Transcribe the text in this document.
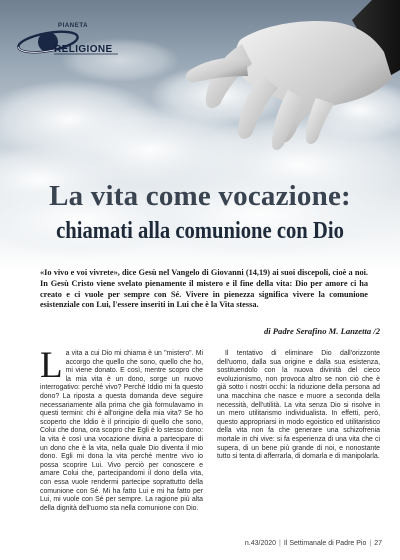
PIANETA
RELIGIONE
La vita come vocazione:
chiamati alla comunione con Dio

«Io vivo e voi vivrete», dice Gesù nel Vangelo di Giovanni (14,19) ai suoi discepoli, cioè a noi. In Gesù Cristo viene svelato pienamente il mistero e il fine della vita: Dio per amore ci ha creato e ci vuole per sempre con Sé. Vivere in pienezza significa vivere la comunione esistenziale con Lui, l'essere inseriti in Lui che è la Vita stessa.

di Padre Serafino M. Lanzetta /2

La vita a cui Dio mi chiama è un "mistero". Mi accorgo che quello che sono, quello che ho, mi viene donato. E così, mentre scopro che la mia vita è un dono, sorge un nuovo interrogativo: perché vivo? Perché Iddio mi fa questo dono? La riposta a questa domanda deve seguire necessariamente alla prima che già formulavamo in questi termini: chi è all'origine della mia vita? Se ho scoperto che Iddio è il principio di quello che sono, Colui che dona, ora scopro che Egli è lo stesso dono: la vita è così una vocazione divina a partecipare di un dono che è la vita, nella quale Dio diventa il mio dono. Egli mi dona la vita perché mentre vivo io possa scoprire Lui. Vivo perciò per conoscere e amare Colui che, partecipandomi il dono della vita, con essa vuole rendermi partecipe soprattutto della comunione con Sé. Mi ha fatto Lui e mi ha fatto per Lui, mi vuole con Sé per sempre. La ragione più alta della dignità dell'uomo sta nella comunione con Dio.

Il tentativo di eliminare Dio dall'orizzonte dell'uomo, dalla sua origine e dalla sua esistenza, sostituendolo con la nuova divinità del cieco evoluzionismo, non provoca altro se non ciò che è già sotto i nostri occhi: la riduzione della persona ad una macchina che nasce e muore a seconda della necessità, dell'utilità. La vita senza Dio si risolve in un mero utilitarismo individualista. In effetti, però, questo appropriarsi in modo egoistico ed utilitaristico della vita non fa che generare una schizofrenia mortale in chi vive: si fa esperienza di una vita che ci supera, di un bene più grande di noi, e nonostante tutto si tenta di afferrarla, di domarla e di manipolarla.

n.43/2020 | Il Settimanale di Padre Pio | 27
